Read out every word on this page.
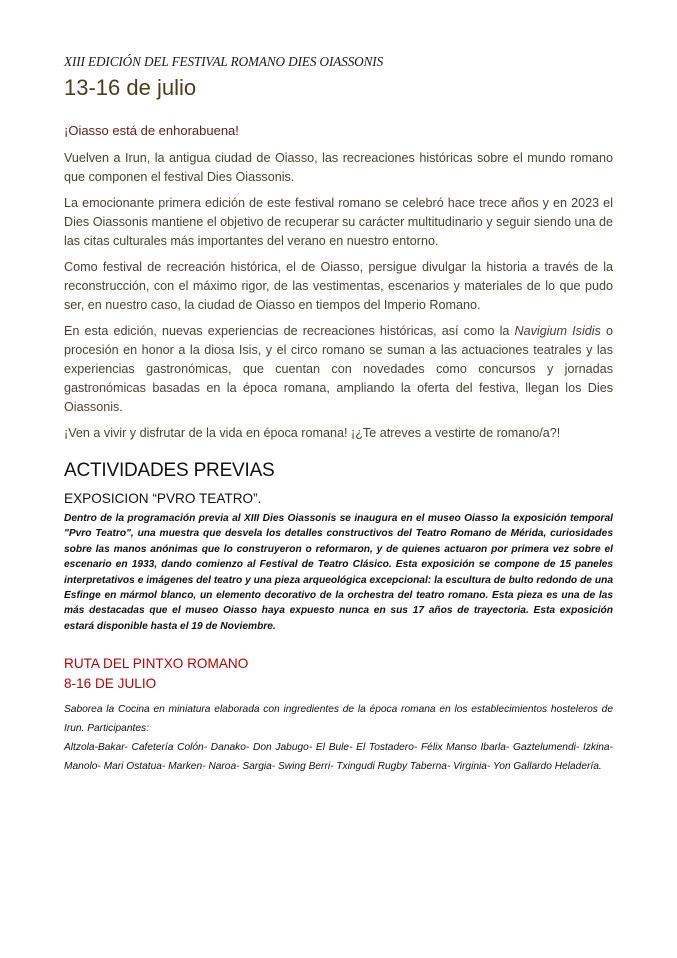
XIII EDICIÓN DEL FESTIVAL ROMANO DIES OIASSONIS
13-16 de julio
¡Oiasso está de enhorabuena!

Vuelven a Irun, la antigua ciudad de Oiasso, las recreaciones históricas sobre el mundo romano que componen el festival Dies Oiassonis.

La emocionante primera edición de este festival romano se celebró hace trece años y en 2023 el Dies Oiassonis mantiene el objetivo de recuperar su carácter multitudinario y seguir siendo una de las citas culturales más importantes del verano en nuestro entorno.

Como festival de recreación histórica, el de Oiasso, persigue divulgar la historia a través de la reconstrucción, con el máximo rigor, de las vestimentas, escenarios y materiales de lo que pudo ser, en nuestro caso, la ciudad de Oiasso en tiempos del Imperio Romano.

En esta edición, nuevas experiencias de recreaciones históricas, así como la Navigium Isidis o procesión en honor a la diosa Isis, y el circo romano se suman a las actuaciones teatrales y las experiencias gastronómicas, que cuentan con novedades como concursos y jornadas gastronómicas basadas en la época romana, ampliando la oferta del festiva, llegan los Dies Oiassonis.

¡Ven a vivir y disfrutar de la vida en época romana! ¡¿Te atreves a vestirte de romano/a?!

ACTIVIDADES PREVIAS
EXPOSICION “PVRO TEATRO”.

Dentro de la programación previa al XIII Dies Oiassonis se inaugura en el museo Oiasso la exposición temporal "Pvro Teatro", una muestra que desvela los detalles constructivos del Teatro Romano de Mérida, curiosidades sobre las manos anónimas que lo construyeron o reformaron, y de quienes actuaron por primera vez sobre el escenario en 1933, dando comienzo al Festival de Teatro Clásico. Esta exposición se compone de 15 paneles interpretativos e imágenes del teatro y una pieza arqueológica excepcional: la escultura de bulto redondo de una Esfinge en mármol blanco, un elemento decorativo de la orchestra del teatro romano. Esta pieza es una de las más destacadas que el museo Oiasso haya expuesto nunca en sus 17 años de trayectoria. Esta exposición estará disponible hasta el 19 de Noviembre.

RUTA DEL PINTXO ROMANO
8-16 DE JULIO

Saborea la Cocina en miniatura elaborada con ingredientes de la época romana en los establecimientos hosteleros de Irun. Participantes:

Altzola-Bakar- Cafetería Colón- Danako- Don Jabugo- El Bule- El Tostadero- Félix Manso Ibarla- Gaztelumendi- Izkina- Manolo- Mari Ostatua- Marken- Naroa- Sargia- Swing Berri- Txingudi Rugby Taberna- Virginia- Yon Gallardo Heladería.
